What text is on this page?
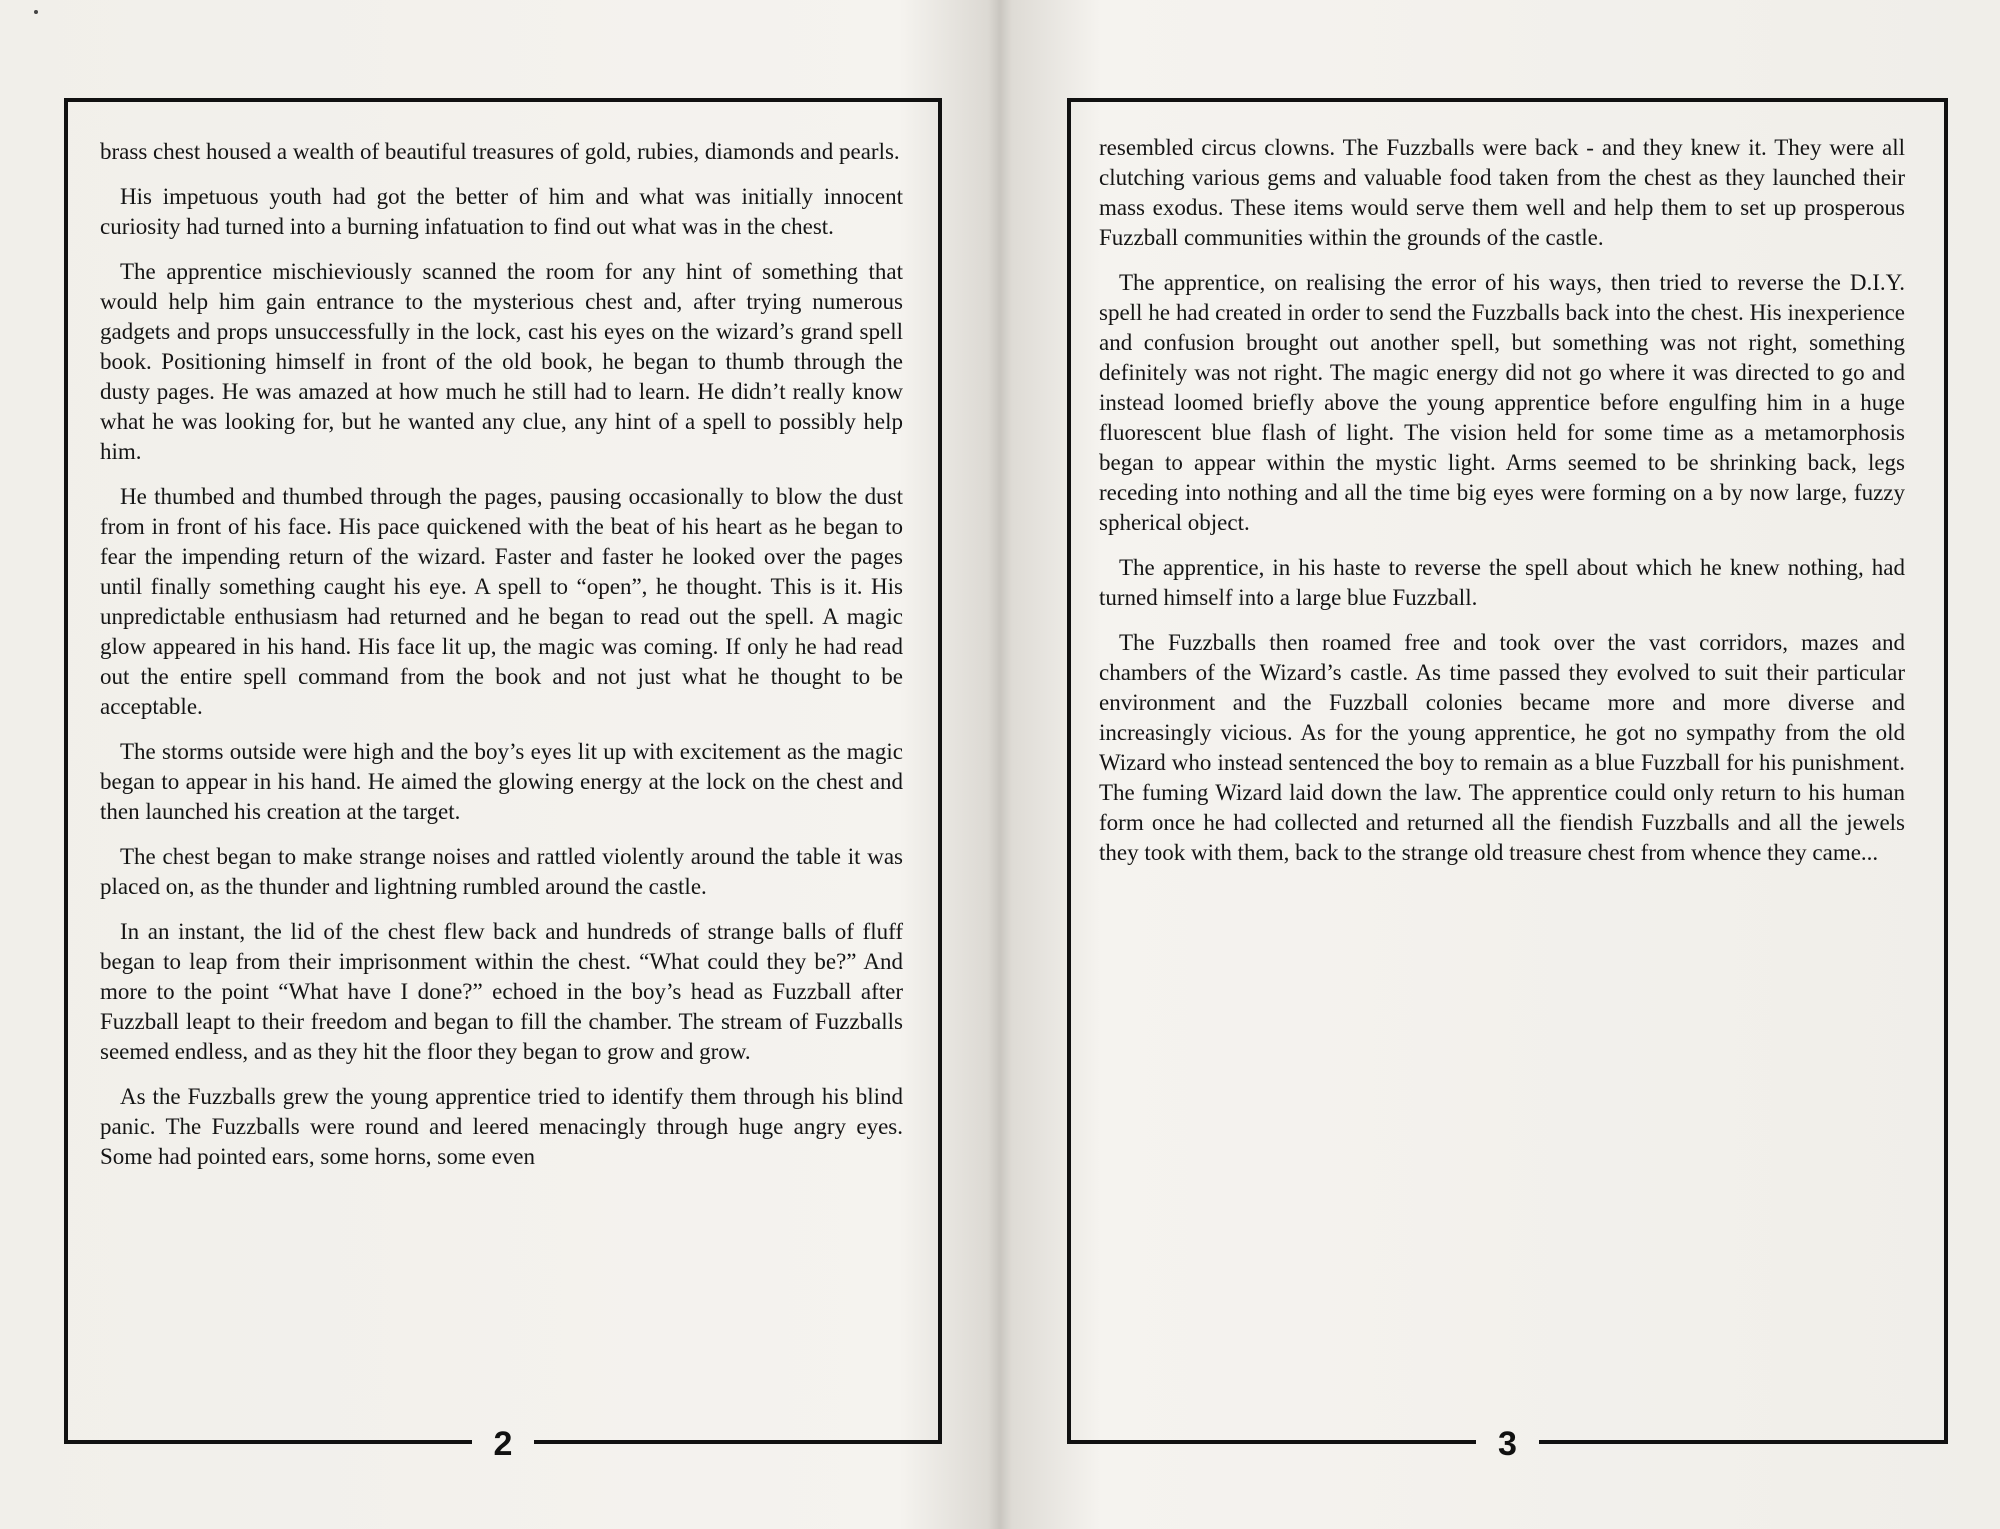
2

brass chest housed a wealth of beautiful treasures of gold, rubies, diamonds and pearls.

His impetuous youth had got the better of him and what was initially innocent curiosity had turned into a burning infatuation to find out what was in the chest.

The apprentice mischieviously scanned the room for any hint of something that would help him gain entrance to the mysterious chest and, after trying numerous gadgets and props unsuccessfully in the lock, cast his eyes on the wizard’s grand spell book. Positioning himself in front of the old book, he began to thumb through the dusty pages. He was amazed at how much he still had to learn. He didn’t really know what he was looking for, but he wanted any clue, any hint of a spell to possibly help him.

He thumbed and thumbed through the pages, pausing occasionally to blow the dust from in front of his face. His pace quickened with the beat of his heart as he began to fear the impending return of the wizard. Faster and faster he looked over the pages until finally something caught his eye. A spell to “open”, he thought. This is it. His unpredictable enthusiasm had returned and he began to read out the spell. A magic glow appeared in his hand. His face lit up, the magic was coming. If only he had read out the entire spell command from the book and not just what he thought to be acceptable.

The storms outside were high and the boy’s eyes lit up with excitement as the magic began to appear in his hand. He aimed the glowing energy at the lock on the chest and then launched his creation at the target.

The chest began to make strange noises and rattled violently around the table it was placed on, as the thunder and lightning rumbled around the castle.

In an instant, the lid of the chest flew back and hundreds of strange balls of fluff began to leap from their imprisonment within the chest. “What could they be?” And more to the point “What have I done?” echoed in the boy’s head as Fuzzball after Fuzzball leapt to their freedom and began to fill the chamber. The stream of Fuzzballs seemed endless, and as they hit the floor they began to grow and grow.

As the Fuzzballs grew the young apprentice tried to identify them through his blind panic. The Fuzzballs were round and leered menacingly through huge angry eyes. Some had pointed ears, some horns, some even

3

resembled circus clowns. The Fuzzballs were back - and they knew it. They were all clutching various gems and valuable food taken from the chest as they launched their mass exodus. These items would serve them well and help them to set up prosperous Fuzzball communities within the grounds of the castle.

The apprentice, on realising the error of his ways, then tried to reverse the D.I.Y. spell he had created in order to send the Fuzzballs back into the chest. His inexperience and confusion brought out another spell, but something was not right, something definitely was not right. The magic energy did not go where it was directed to go and instead loomed briefly above the young apprentice before engulfing him in a huge fluorescent blue flash of light. The vision held for some time as a metamorphosis began to appear within the mystic light. Arms seemed to be shrinking back, legs receding into nothing and all the time big eyes were forming on a by now large, fuzzy spherical object.

The apprentice, in his haste to reverse the spell about which he knew nothing, had turned himself into a large blue Fuzzball.

The Fuzzballs then roamed free and took over the vast corridors, mazes and chambers of the Wizard’s castle. As time passed they evolved to suit their particular environment and the Fuzzball colonies became more and more diverse and increasingly vicious. As for the young apprentice, he got no sympathy from the old Wizard who instead sentenced the boy to remain as a blue Fuzzball for his punishment. The fuming Wizard laid down the law. The apprentice could only return to his human form once he had collected and returned all the fiendish Fuzzballs and all the jewels they took with them, back to the strange old treasure chest from whence they came...
